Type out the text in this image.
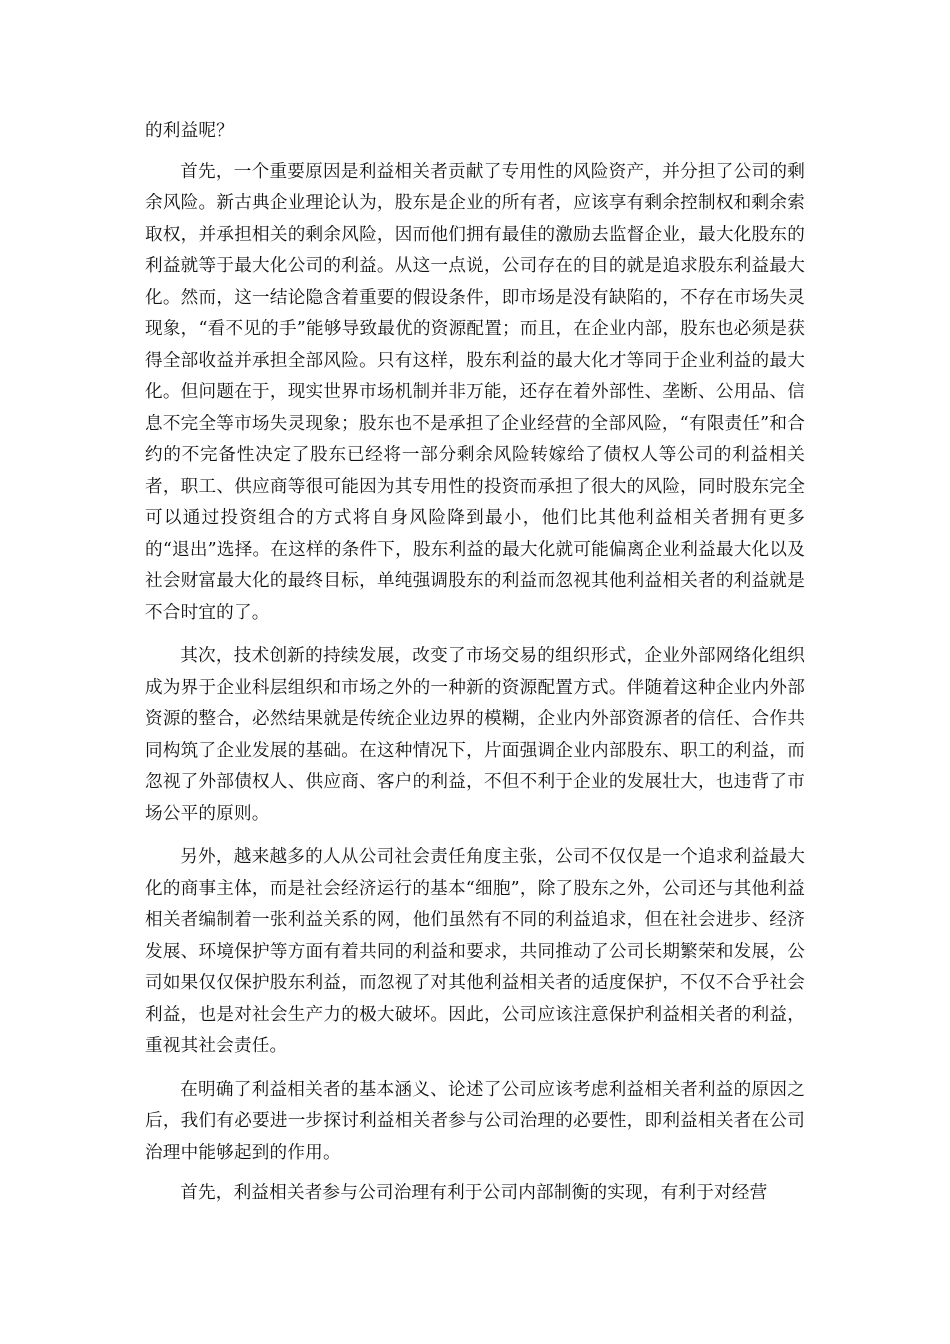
的利益呢？

首先，一个重要原因是利益相关者贡献了专用性的风险资产，并分担了公司的剩余风险。新古典企业理论认为，股东是企业的所有者，应该享有剩余控制权和剩余索取权，并承担相关的剩余风险，因而他们拥有最佳的激励去监督企业，最大化股东的利益就等于最大化公司的利益。从这一点说，公司存在的目的就是追求股东利益最大化。然而，这一结论隐含着重要的假设条件，即市场是没有缺陷的，不存在市场失灵现象，“看不见的手”能够导致最优的资源配置；而且，在企业内部，股东也必须是获得全部收益并承担全部风险。只有这样，股东利益的最大化才等同于企业利益的最大化。但问题在于，现实世界市场机制并非万能，还存在着外部性、垄断、公用品、信息不完全等市场失灵现象；股东也不是承担了企业经营的全部风险，“有限责任”和合约的不完备性决定了股东已经将一部分剩余风险转嫁给了债权人等公司的利益相关者，职工、供应商等很可能因为其专用性的投资而承担了很大的风险，同时股东完全可以通过投资组合的方式将自身风险降到最小，他们比其他利益相关者拥有更多的“退出”选择。在这样的条件下，股东利益的最大化就可能偏离企业利益最大化以及社会财富最大化的最终目标，单纯强调股东的利益而忽视其他利益相关者的利益就是不合时宜的了。

其次，技术创新的持续发展，改变了市场交易的组织形式，企业外部网络化组织成为界于企业科层组织和市场之外的一种新的资源配置方式。伴随着这种企业内外部资源的整合，必然结果就是传统企业边界的模糊，企业内外部资源者的信任、合作共同构筑了企业发展的基础。在这种情况下，片面强调企业内部股东、职工的利益，而忽视了外部债权人、供应商、客户的利益，不但不利于企业的发展壮大，也违背了市场公平的原则。

另外，越来越多的人从公司社会责任角度主张，公司不仅仅是一个追求利益最大化的商事主体，而是社会经济运行的基本“细胞”，除了股东之外，公司还与其他利益相关者编制着一张利益关系的网，他们虽然有不同的利益追求，但在社会进步、经济发展、环境保护等方面有着共同的利益和要求，共同推动了公司长期繁荣和发展，公司如果仅仅保护股东利益，而忽视了对其他利益相关者的适度保护，不仅不合乎社会利益，也是对社会生产力的极大破坏。因此，公司应该注意保护利益相关者的利益，重视其社会责任。

在明确了利益相关者的基本涵义、论述了公司应该考虑利益相关者利益的原因之后，我们有必要进一步探讨利益相关者参与公司治理的必要性，即利益相关者在公司治理中能够起到的作用。

首先，利益相关者参与公司治理有利于公司内部制衡的实现，有利于对经营
